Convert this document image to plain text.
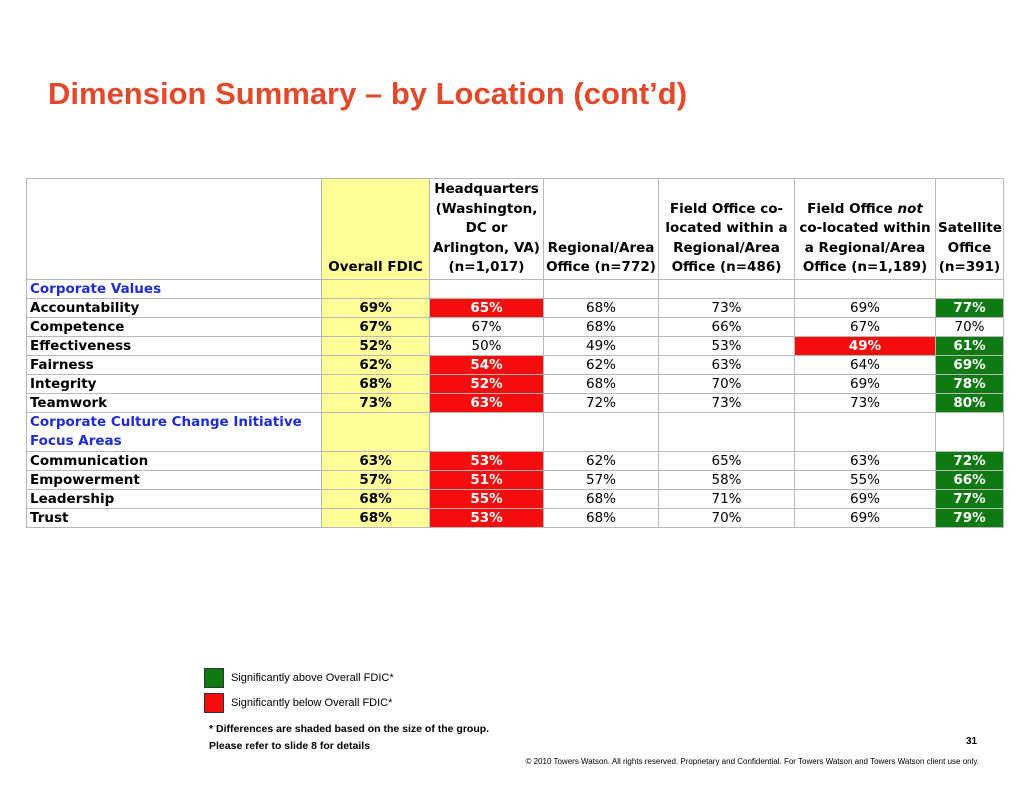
Dimension Summary – by Location (cont’d)
	Overall FDIC	Headquarters (Washington, DC or Arlington, VA) (n=1,017)	Regional/Area Office (n=772)	Field Office co-located within a Regional/Area Office (n=486)	Field Office not co-located within a Regional/Area Office (n=1,189)	Satellite Office (n=391)
Corporate Values						
Accountability	69%	65%	68%	73%	69%	77%
Competence	67%	67%	68%	66%	67%	70%
Effectiveness	52%	50%	49%	53%	49%	61%
Fairness	62%	54%	62%	63%	64%	69%
Integrity	68%	52%	68%	70%	69%	78%
Teamwork	73%	63%	72%	73%	73%	80%
Corporate Culture Change Initiative Focus Areas						
Communication	63%	53%	62%	65%	63%	72%
Empowerment	57%	51%	57%	58%	55%	66%
Leadership	68%	55%	68%	71%	69%	77%
Trust	68%	53%	68%	70%	69%	79%
Significantly above Overall FDIC*
Significantly below Overall FDIC*
* Differences are shaded based on the size of the group.
Please refer to slide 8 for details	31
© 2010 Towers Watson. All rights reserved. Proprietary and Confidential. For Towers Watson and Towers Watson client use only.
